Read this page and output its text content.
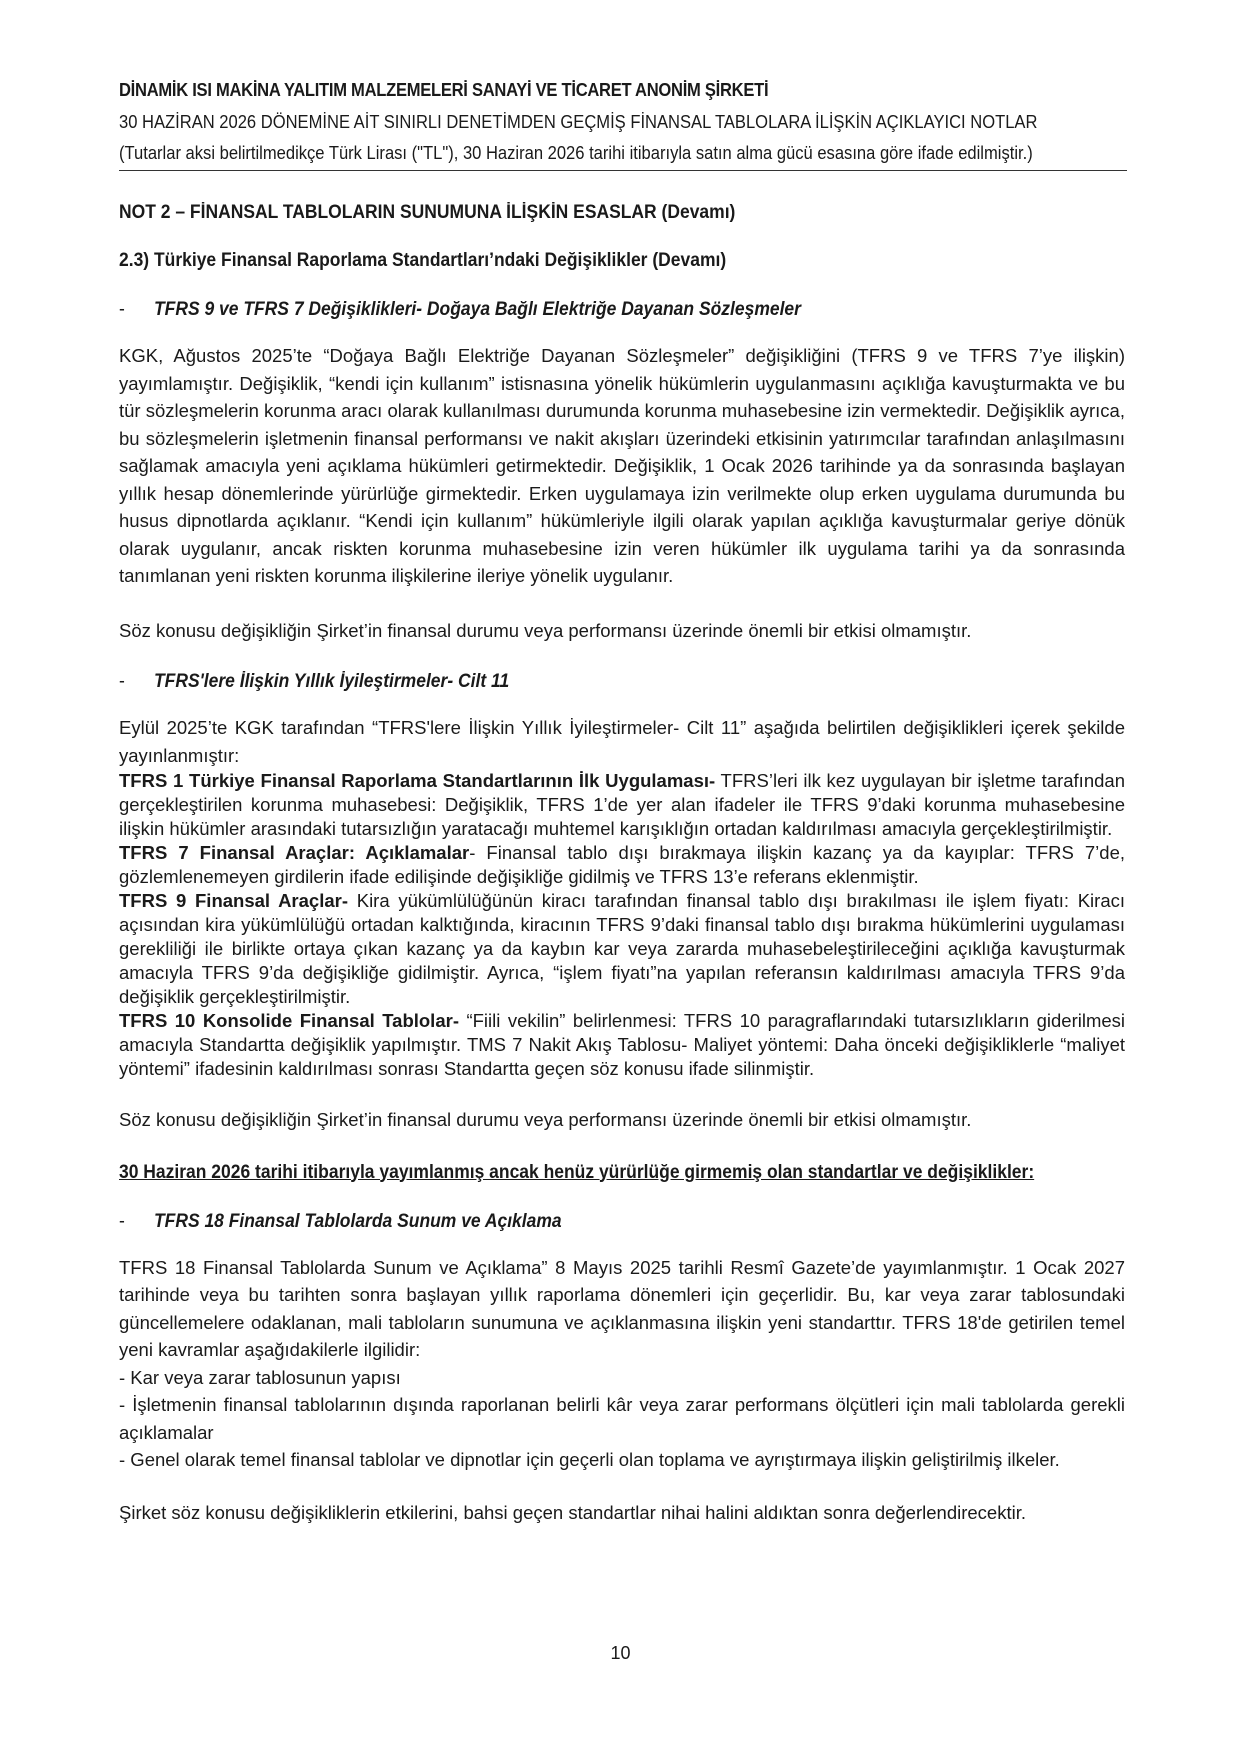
DİNAMİK ISI MAKİNA YALITIM MALZEMELERİ SANAYİ VE TİCARET ANONİM ŞİRKETİ
30 HAZİRAN 2026 DÖNEMİNE AİT SINIRLI DENETİMDEN GEÇMİŞ FİNANSAL TABLOLARA İLİŞKİN AÇIKLAYICI NOTLAR
(Tutarlar aksi belirtilmedikçe Türk Lirası ("TL"), 30 Haziran 2026 tarihi itibarıyla satın alma gücü esasına göre ifade edilmiştir.)
NOT 2 – FİNANSAL TABLOLARIN SUNUMUNA İLİŞKİN ESASLAR (Devamı)
2.3) Türkiye Finansal Raporlama Standartları’ndaki Değişiklikler (Devamı)
- TFRS 9 ve TFRS 7 Değişiklikleri- Doğaya Bağlı Elektriğe Dayanan Sözleşmeler

KGK, Ağustos 2025’te “Doğaya Bağlı Elektriğe Dayanan Sözleşmeler” değişikliğini (TFRS 9 ve TFRS 7’ye ilişkin) yayımlamıştır. Değişiklik, “kendi için kullanım” istisnasına yönelik hükümlerin uygulanmasını açıklığa kavuşturmakta ve bu tür sözleşmelerin korunma aracı olarak kullanılması durumunda korunma muhasebesine izin vermektedir. Değişiklik ayrıca, bu sözleşmelerin işletmenin finansal performansı ve nakit akışları üzerindeki etkisinin yatırımcılar tarafından anlaşılmasını sağlamak amacıyla yeni açıklama hükümleri getirmektedir. Değişiklik, 1 Ocak 2026 tarihinde ya da sonrasında başlayan yıllık hesap dönemlerinde yürürlüğe girmektedir. Erken uygulamaya izin verilmekte olup erken uygulama durumunda bu husus dipnotlarda açıklanır. “Kendi için kullanım” hükümleriyle ilgili olarak yapılan açıklığa kavuşturmalar geriye dönük olarak uygulanır, ancak riskten korunma muhasebesine izin veren hükümler ilk uygulama tarihi ya da sonrasında tanımlanan yeni riskten korunma ilişkilerine ileriye yönelik uygulanır.

Söz konusu değişikliğin Şirket’in finansal durumu veya performansı üzerinde önemli bir etkisi olmamıştır.

- TFRS'lere İlişkin Yıllık İyileştirmeler- Cilt 11

Eylül 2025’te KGK tarafından “TFRS'lere İlişkin Yıllık İyileştirmeler- Cilt 11” aşağıda belirtilen değişiklikleri içerek şekilde yayınlanmıştır:

TFRS 1 Türkiye Finansal Raporlama Standartlarının İlk Uygulaması- TFRS’leri ilk kez uygulayan bir işletme tarafından gerçekleştirilen korunma muhasebesi: Değişiklik, TFRS 1’de yer alan ifadeler ile TFRS 9’daki korunma muhasebesine ilişkin hükümler arasındaki tutarsızlığın yaratacağı muhtemel karışıklığın ortadan kaldırılması amacıyla gerçekleştirilmiştir.

TFRS 7 Finansal Araçlar: Açıklamalar- Finansal tablo dışı bırakmaya ilişkin kazanç ya da kayıplar: TFRS 7’de, gözlemlenemeyen girdilerin ifade edilişinde değişikliğe gidilmiş ve TFRS 13’e referans eklenmiştir.

TFRS 9 Finansal Araçlar- Kira yükümlülüğünün kiracı tarafından finansal tablo dışı bırakılması ile işlem fiyatı: Kiracı açısından kira yükümlülüğü ortadan kalktığında, kiracının TFRS 9’daki finansal tablo dışı bırakma hükümlerini uygulaması gerekliliği ile birlikte ortaya çıkan kazanç ya da kaybın kar veya zararda muhasebeleştirileceğini açıklığa kavuşturmak amacıyla TFRS 9’da değişikliğe gidilmiştir. Ayrıca, “işlem fiyatı”na yapılan referansın kaldırılması amacıyla TFRS 9’da değişiklik gerçekleştirilmiştir.

TFRS 10 Konsolide Finansal Tablolar- “Fiili vekilin” belirlenmesi: TFRS 10 paragraflarındaki tutarsızlıkların giderilmesi amacıyla Standartta değişiklik yapılmıştır. TMS 7 Nakit Akış Tablosu- Maliyet yöntemi: Daha önceki değişikliklerle “maliyet yöntemi” ifadesinin kaldırılması sonrası Standartta geçen söz konusu ifade silinmiştir.

Söz konusu değişikliğin Şirket’in finansal durumu veya performansı üzerinde önemli bir etkisi olmamıştır.

30 Haziran 2026 tarihi itibarıyla yayımlanmış ancak henüz yürürlüğe girmemiş olan standartlar ve değişiklikler:
- TFRS 18 Finansal Tablolarda Sunum ve Açıklama

TFRS 18 Finansal Tablolarda Sunum ve Açıklama” 8 Mayıs 2025 tarihli Resmî Gazete’de yayımlanmıştır. 1 Ocak 2027 tarihinde veya bu tarihten sonra başlayan yıllık raporlama dönemleri için geçerlidir. Bu, kar veya zarar tablosundaki güncellemelere odaklanan, mali tabloların sunumuna ve açıklanmasına ilişkin yeni standarttır. TFRS 18'de getirilen temel yeni kavramlar aşağıdakilerle ilgilidir:

- Kar veya zarar tablosunun yapısı

- İşletmenin finansal tablolarının dışında raporlanan belirli kâr veya zarar performans ölçütleri için mali tablolarda gerekli açıklamalar

- Genel olarak temel finansal tablolar ve dipnotlar için geçerli olan toplama ve ayrıştırmaya ilişkin geliştirilmiş ilkeler.

Şirket söz konusu değişikliklerin etkilerini, bahsi geçen standartlar nihai halini aldıktan sonra değerlendirecektir.

10
